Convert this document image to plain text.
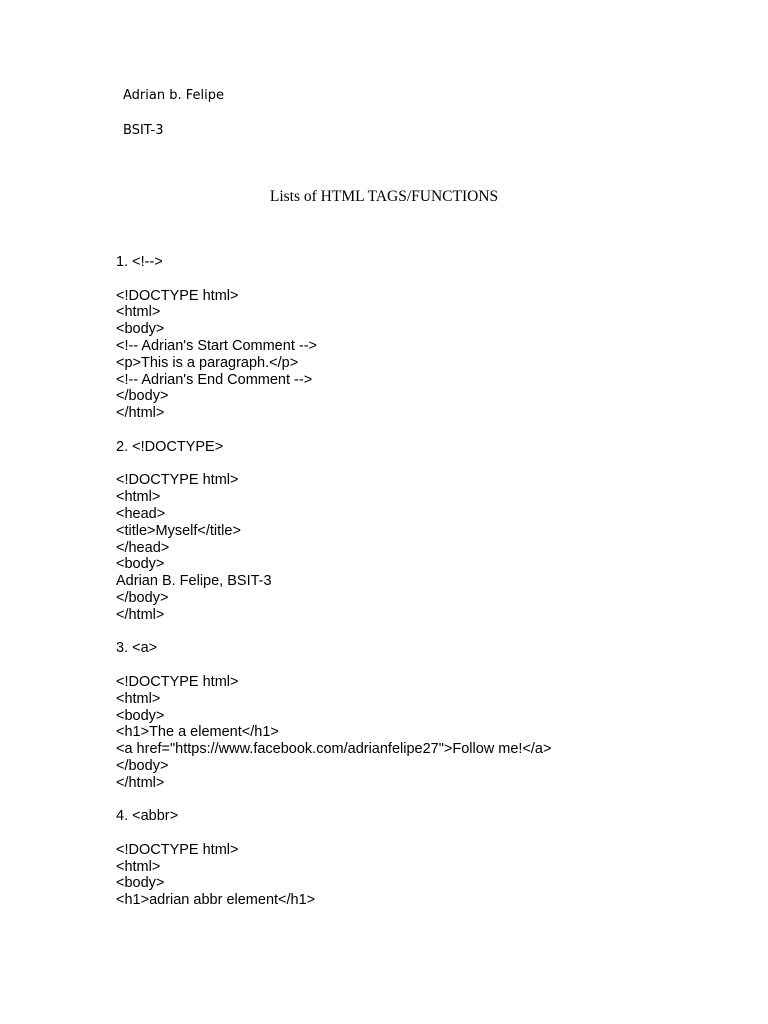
Adrian b. Felipe
BSIT-3
Lists of HTML TAGS/FUNCTIONS
1. <!-->
<!DOCTYPE html>
<html>
<body>
<!-- Adrian's Start Comment -->
<p>This is a paragraph.</p>
<!-- Adrian's End Comment -->
</body>
</html>
2. <!DOCTYPE>
<!DOCTYPE html>
<html>
<head>
<title>Myself</title>
</head>
<body>
Adrian B. Felipe, BSIT-3
</body>
</html>
3. <a>
<!DOCTYPE html>
<html>
<body>
<h1>The a element</h1>
<a href="https://www.facebook.com/adrianfelipe27">Follow me!</a>
</body>
</html>
4. <abbr>
<!DOCTYPE html>
<html>
<body>
<h1>adrian abbr element</h1>
